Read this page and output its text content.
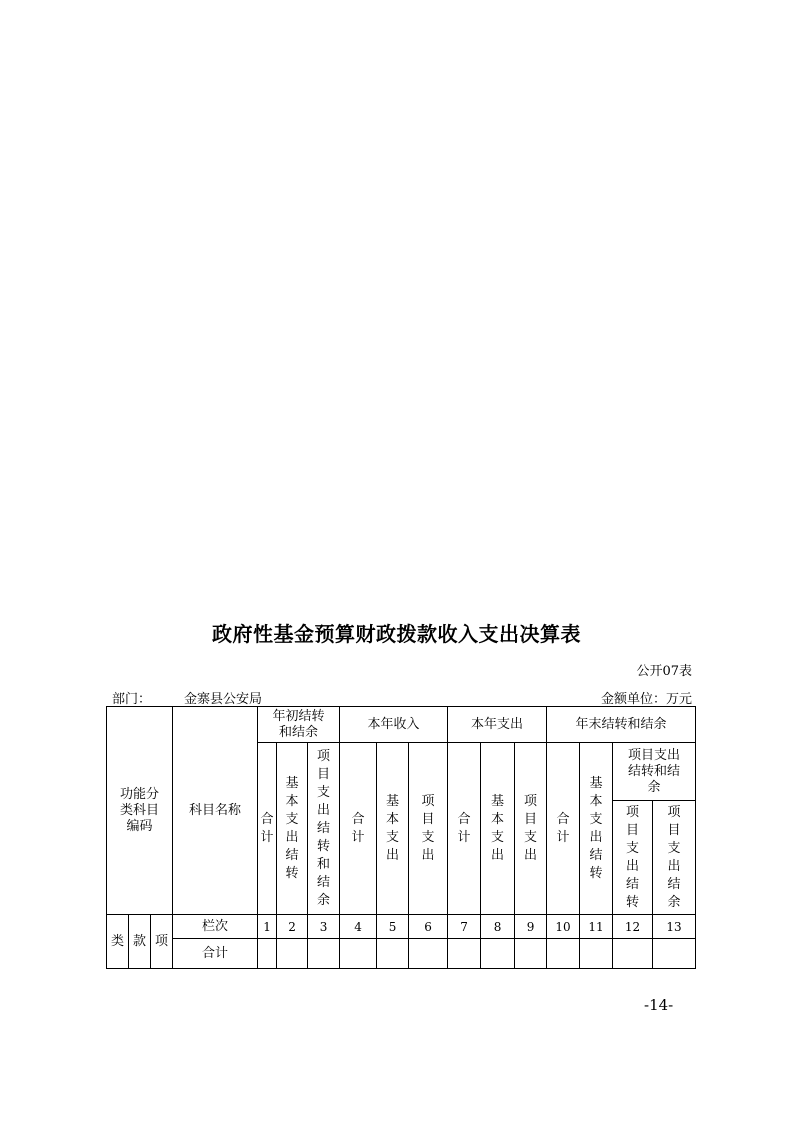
政府性基金预算财政拨款收入支出决算表
公开07表
部门：	金寨县公安局	金额单位：万元
功能分类科目编码			科目名称	年初结转和结余			本年收入			本年支出			年末结转和结余			
				合计	基本支出结转	项目支出结转和结余	合计	基本支出	项目支出	合计	基本支出	项目支出	合计	基本支出结转	项目支出结转和结余	
															项目支出结转	项目支出结余
类	款	项	栏次	1	2	3	4	5	6	7	8	9	10	11	12	13
			合计													
-14-
